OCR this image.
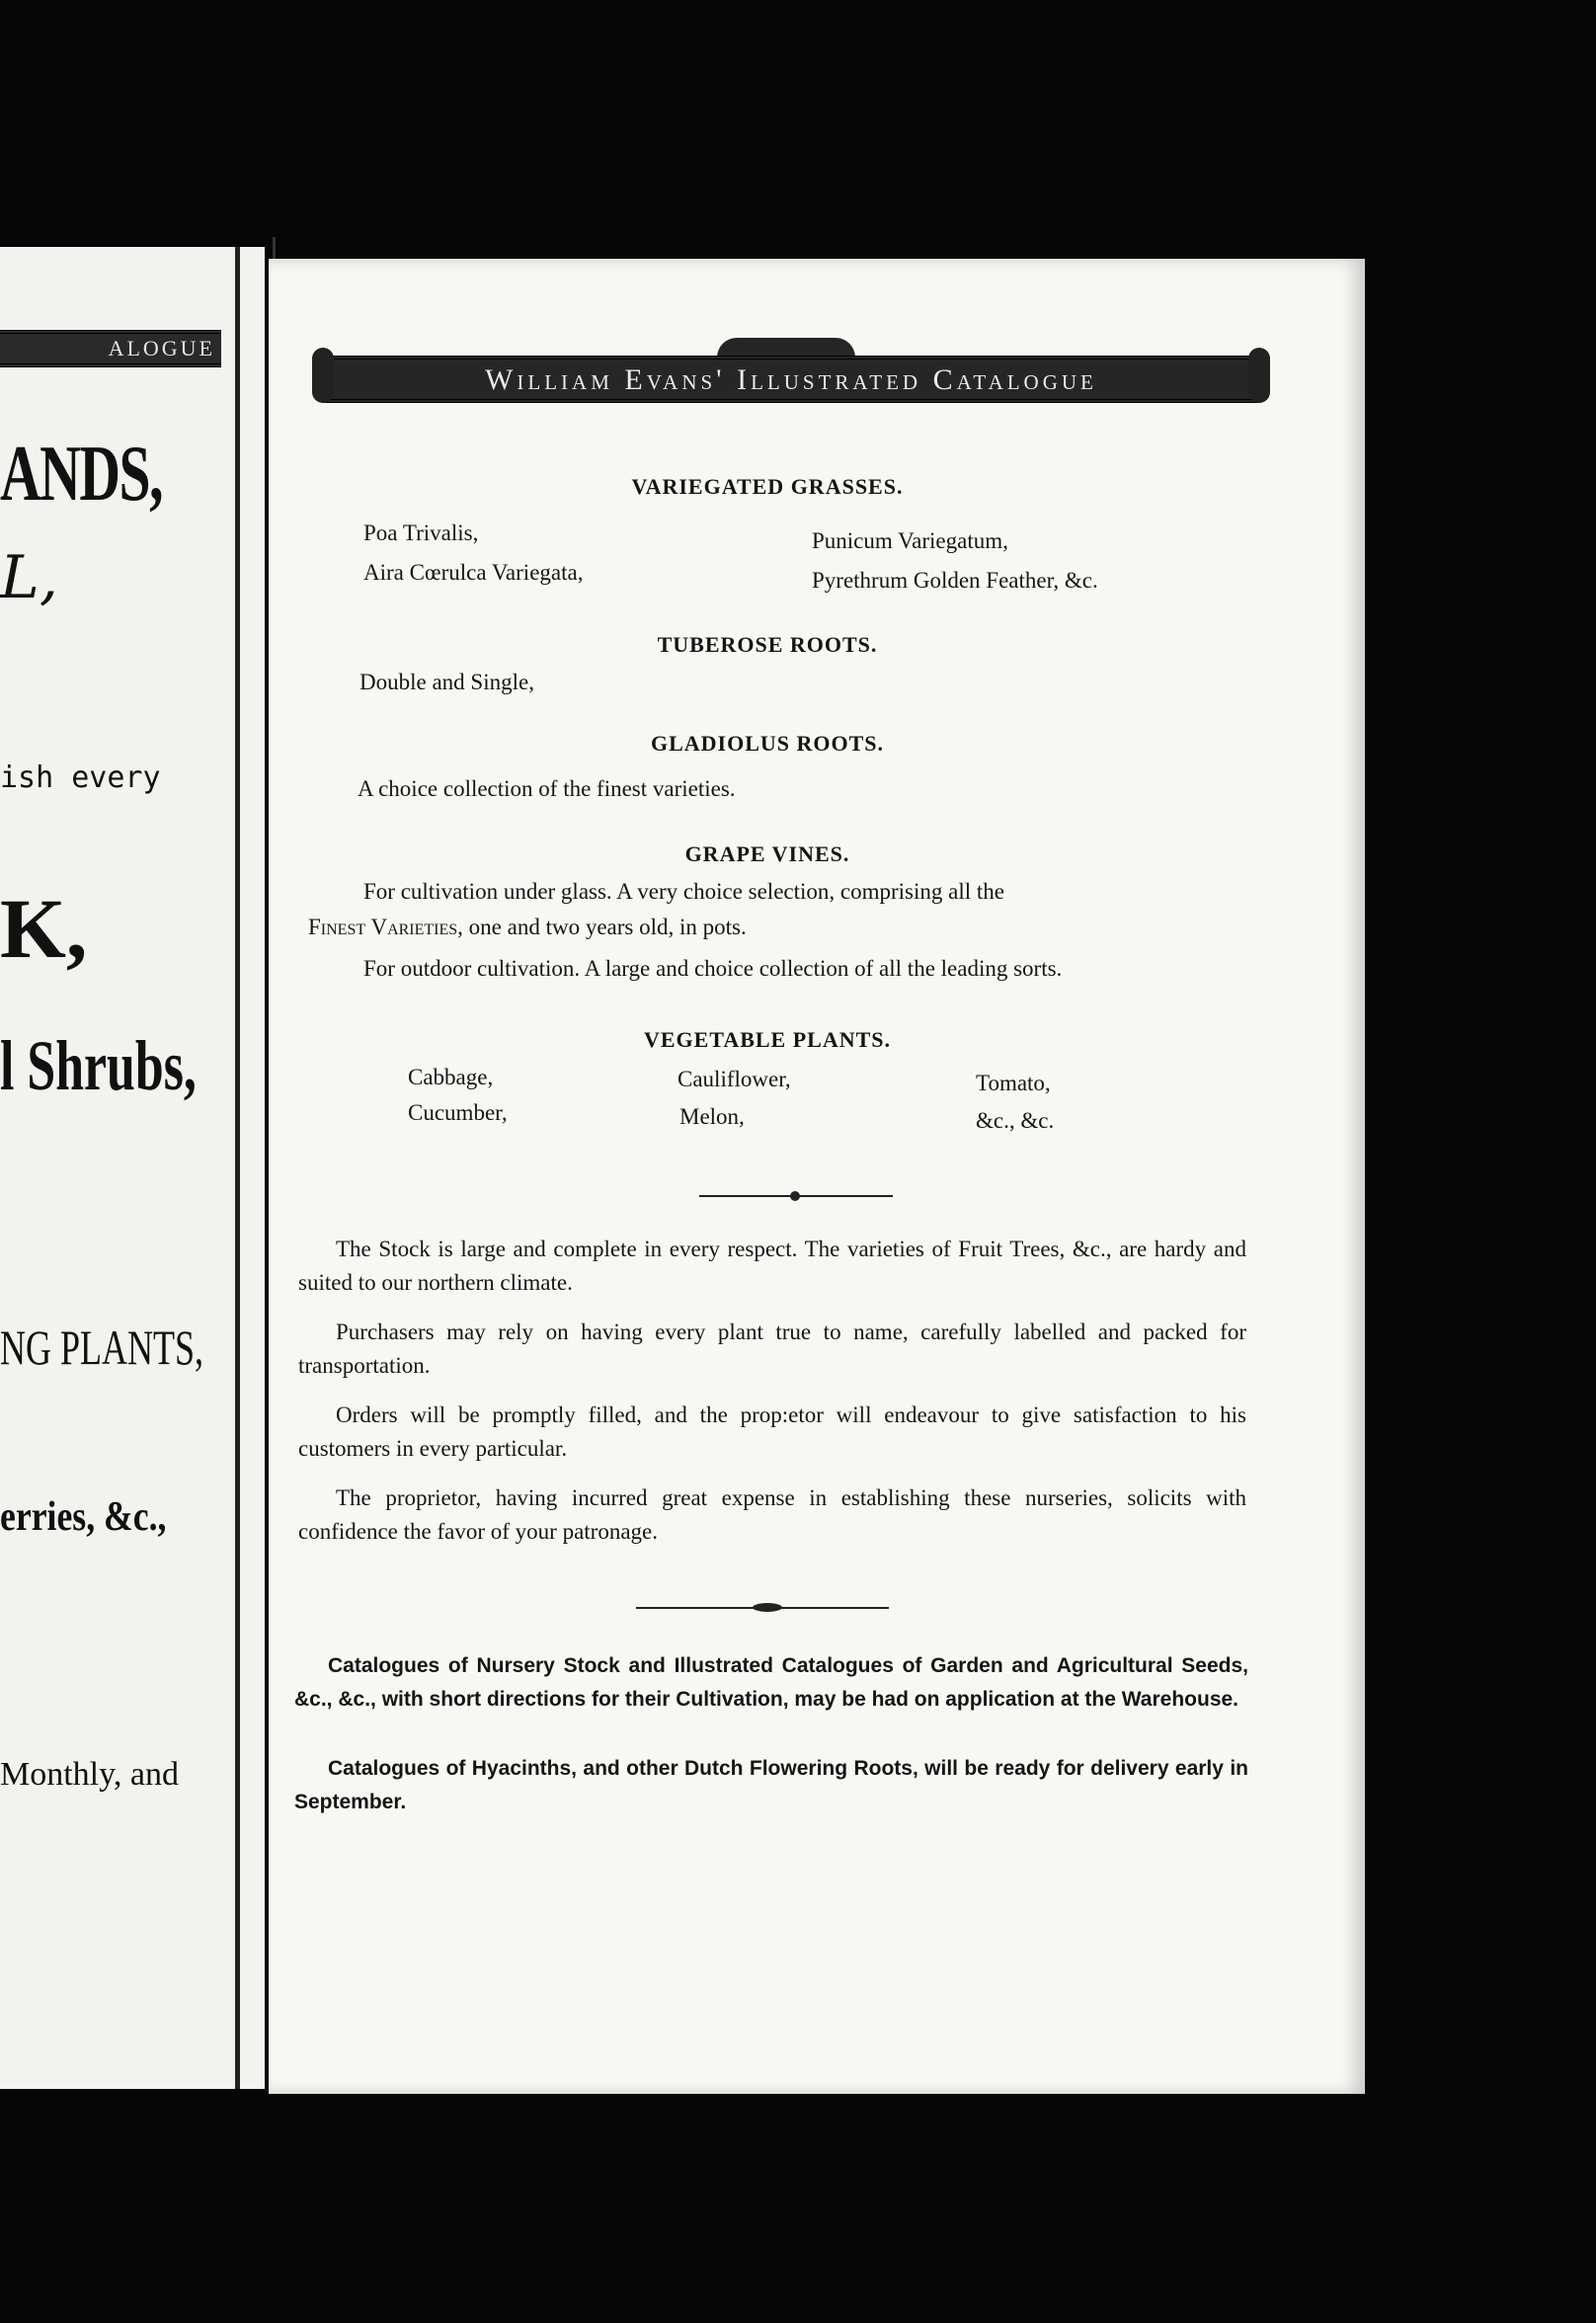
ALOGUE
ANDS,
L,
ish every
K,
l Shrubs,
NG PLANTS,
erries, &c.,
Monthly, and
William Evans' Illustrated Catalogue
VARIEGATED GRASSES.
Poa Trivalis,
Aira Cœrulca Variegata,
Punicum Variegatum,
Pyrethrum Golden Feather, &c.
TUBEROSE ROOTS.
Double and Single,
GLADIOLUS ROOTS.
A choice collection of the finest varieties.
GRAPE VINES.
For cultivation under glass. A very choice selection, comprising all the
Finest Varieties, one and two years old, in pots.
For outdoor cultivation. A large and choice collection of all the leading sorts.
VEGETABLE PLANTS.
Cabbage,
Cucumber,
Cauliflower,
Melon,
Tomato,
&c., &c.
The Stock is large and complete in every respect. The varieties of Fruit Trees, &c., are hardy and suited to our northern climate.
Purchasers may rely on having every plant true to name, carefully labelled and packed for transportation.
Orders will be promptly filled, and the prop:etor will endeavour to give satisfaction to his customers in every particular.
The proprietor, having incurred great expense in establishing these nurseries, solicits with confidence the favor of your patronage.
Catalogues of Nursery Stock and Illustrated Catalogues of Garden and Agricultural Seeds, &c., &c., with short directions for their Cultivation, may be had on application at the Warehouse.
Catalogues of Hyacinths, and other Dutch Flowering Roots, will be ready for delivery early in September.
